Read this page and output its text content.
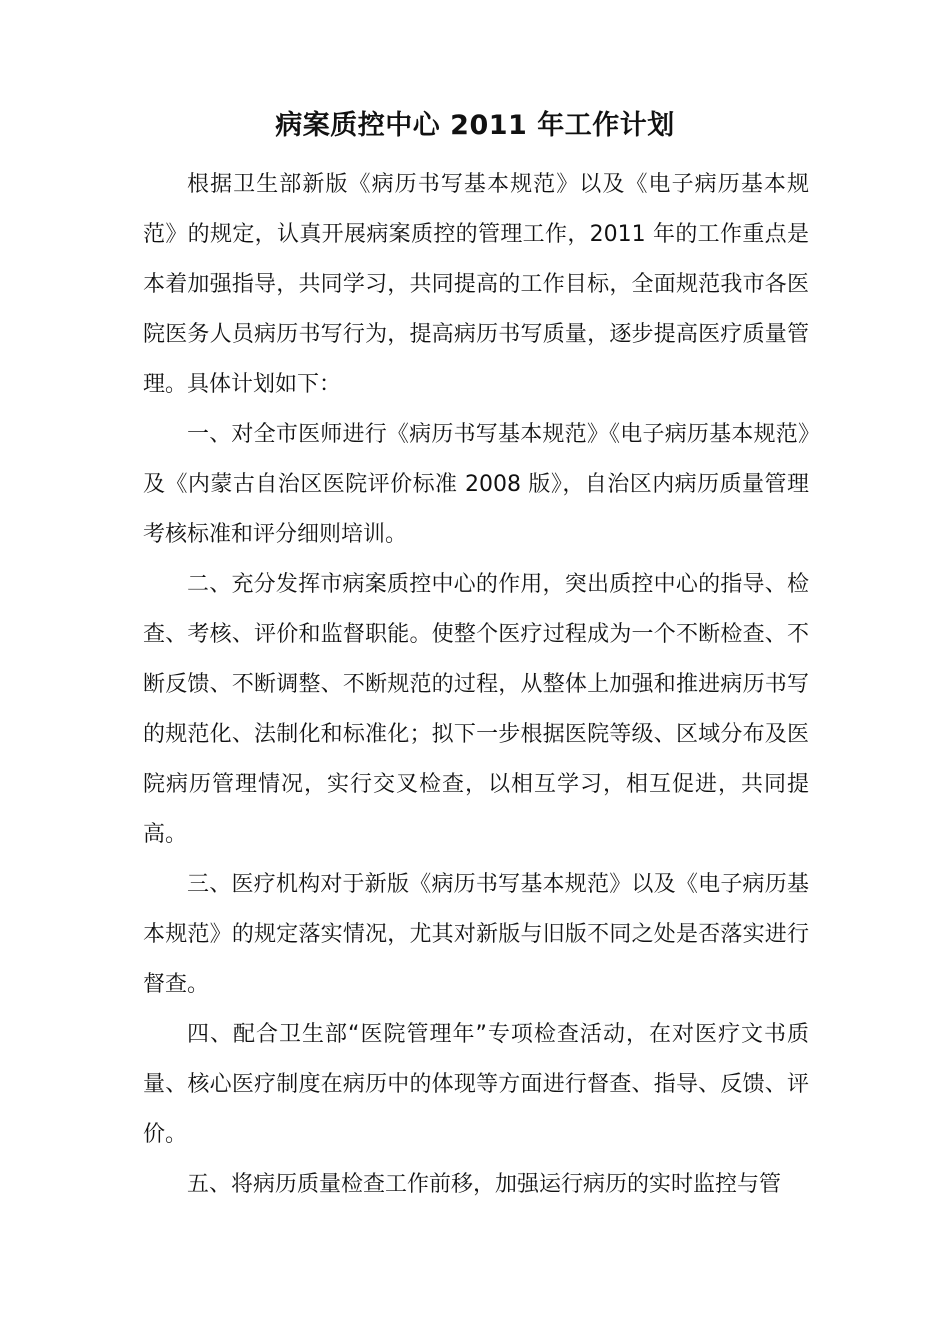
病案质控中心 2011 年工作计划

根据卫生部新版《病历书写基本规范》以及《电子病历基本规范》的规定，认真开展病案质控的管理工作，2011 年的工作重点是本着加强指导，共同学习，共同提高的工作目标，全面规范我市各医院医务人员病历书写行为，提高病历书写质量，逐步提高医疗质量管理。具体计划如下：

一、对全市医师进行《病历书写基本规范》《电子病历基本规范》及《内蒙古自治区医院评价标准 2008 版》，自治区内病历质量管理考核标准和评分细则培训。

二、充分发挥市病案质控中心的作用，突出质控中心的指导、检查、考核、评价和监督职能。使整个医疗过程成为一个不断检查、不断反馈、不断调整、不断规范的过程，从整体上加强和推进病历书写的规范化、法制化和标准化；拟下一步根据医院等级、区域分布及医院病历管理情况，实行交叉检查，以相互学习，相互促进，共同提高。

三、医疗机构对于新版《病历书写基本规范》以及《电子病历基本规范》的规定落实情况，尤其对新版与旧版不同之处是否落实进行督查。

四、配合卫生部“医院管理年”专项检查活动，在对医疗文书质量、核心医疗制度在病历中的体现等方面进行督查、指导、反馈、评价。

五、将病历质量检查工作前移，加强运行病历的实时监控与管
